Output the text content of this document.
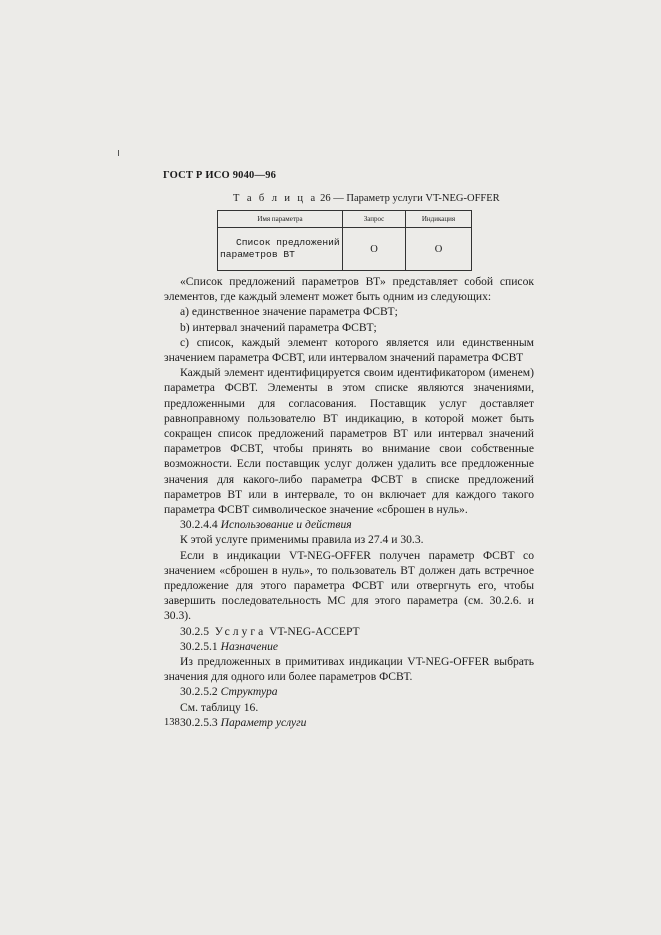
ГОСТ Р ИСО 9040—96
Т а б л и ц а 26 — Параметр услуги VT-NEG-OFFER
Имя параметра	Запрос	Индикация

Список предложений
параметров ВТ	О	О

«Список предложений параметров ВТ» представляет собой список элементов, где каждый элемент может быть одним из следующих:

а) единственное значение параметра ФСВТ;

b) интервал значений параметра ФСВТ;

с) список, каждый элемент которого является или единственным значением параметра ФСВТ, или интервалом значений параметра ФСВТ

Каждый элемент идентифицируется своим идентификатором (именем) параметра ФСВТ. Элементы в этом списке являются значениями, предложенными для согласования. Поставщик услуг доставляет равноправному пользователю ВТ индикацию, в которой может быть сокращен список предложений параметров ВТ или интервал значений параметров ФСВТ, чтобы принять во внимание свои собственные возможности. Если поставщик услуг должен удалить все предложенные значения для какого-либо параметра ФСВТ в списке предложений параметров ВТ или в интервале, то он включает для каждого такого параметра ФСВТ символическое значение «сброшен в нуль».

30.2.4.4 Использование и действия

К этой услуге применимы правила из 27.4 и 30.3.

Если в индикации VT-NEG-OFFER получен параметр ФСВТ со значением «сброшен в нуль», то пользователь ВТ должен дать встречное предложение для этого параметра ФСВТ или отвергнуть его, чтобы завершить последовательность МС для этого параметра (см. 30.2.6. и 30.3).

30.2.5 Услуга VT-NEG-ACCEPT

30.2.5.1 Назначение

Из предложенных в примитивах индикации VT-NEG-OFFER выбрать значения для одного или более параметров ФСВТ.

30.2.5.2 Структура

См. таблицу 16.

30.2.5.3 Параметр услуги

138
